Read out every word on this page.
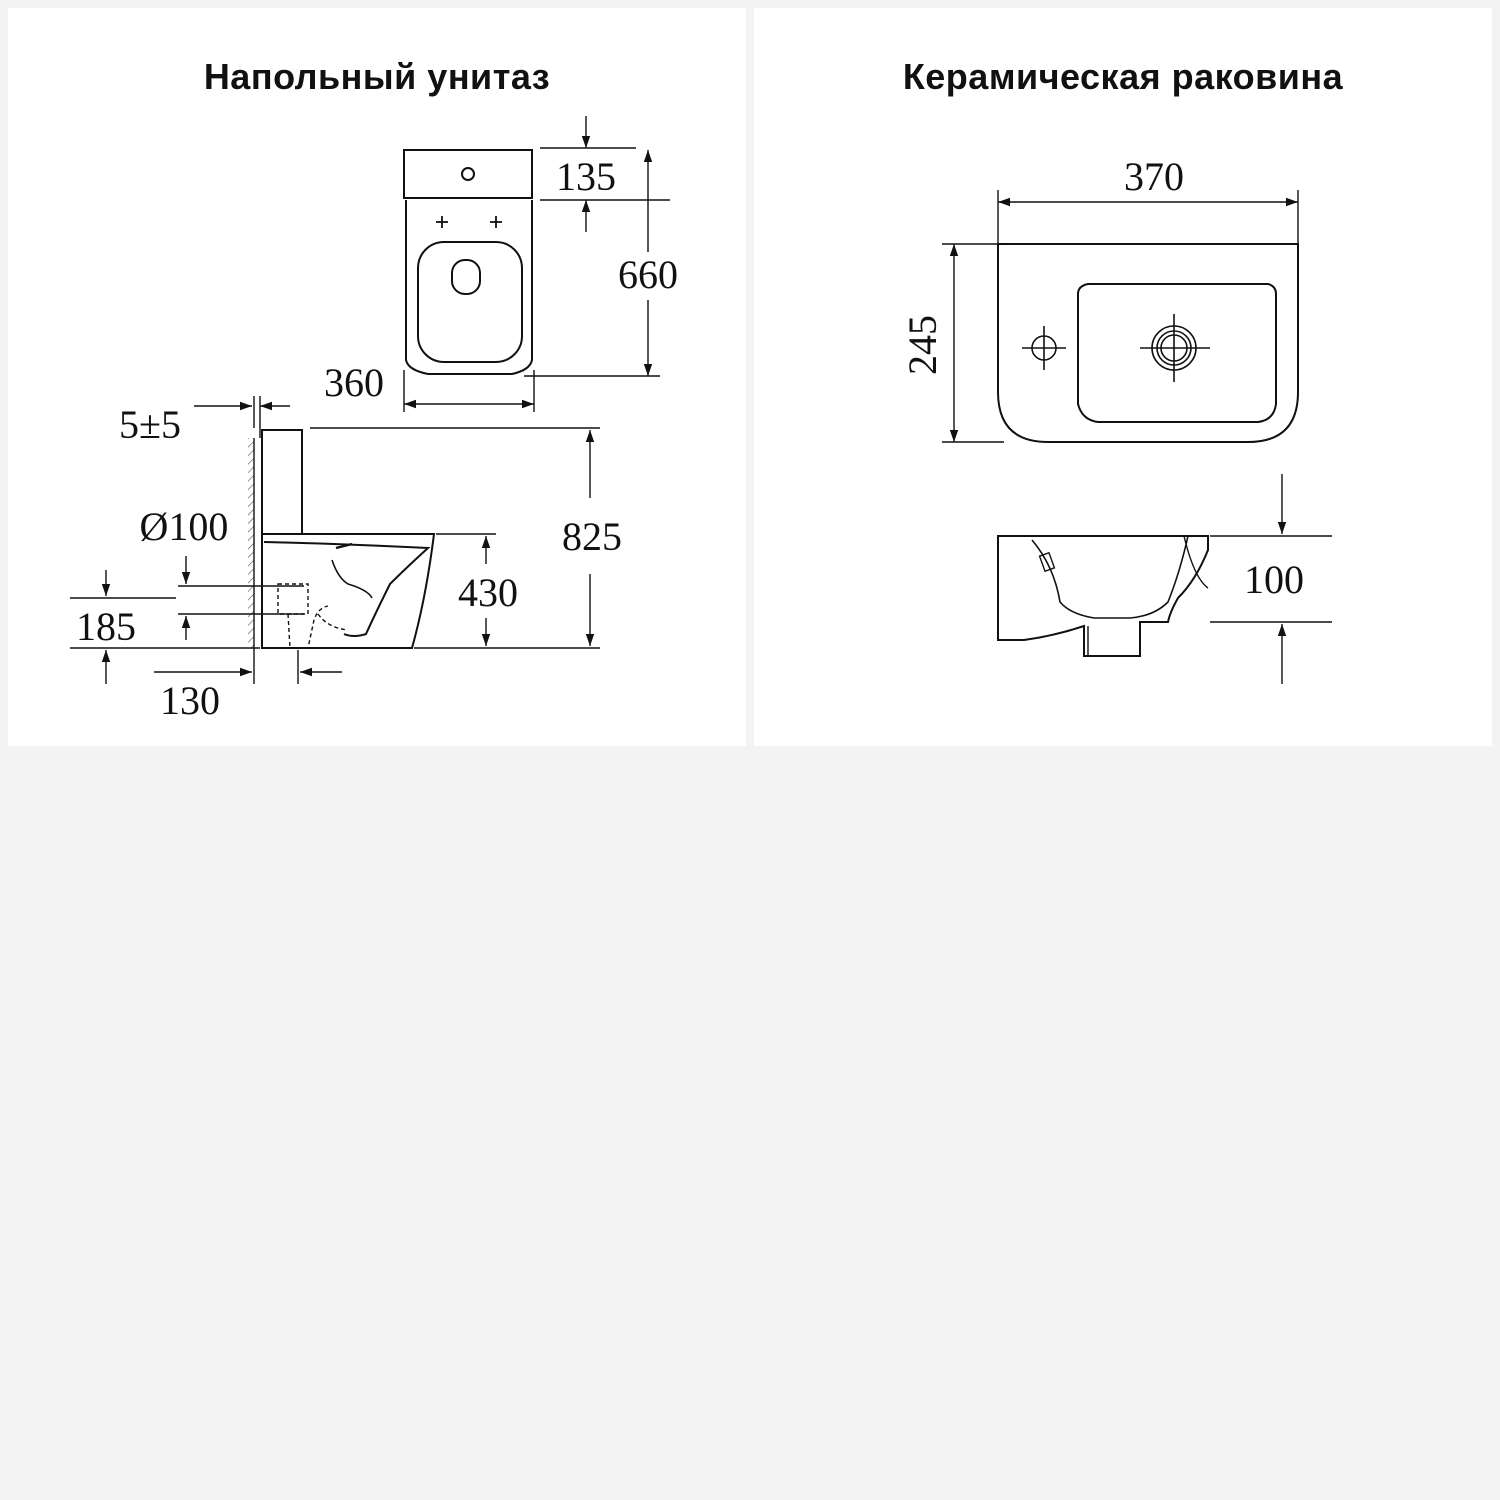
Напольный унитаз
135
660
360
5±5
825
430
Ø100
185
130
Керамическая раковина
370
245
100
